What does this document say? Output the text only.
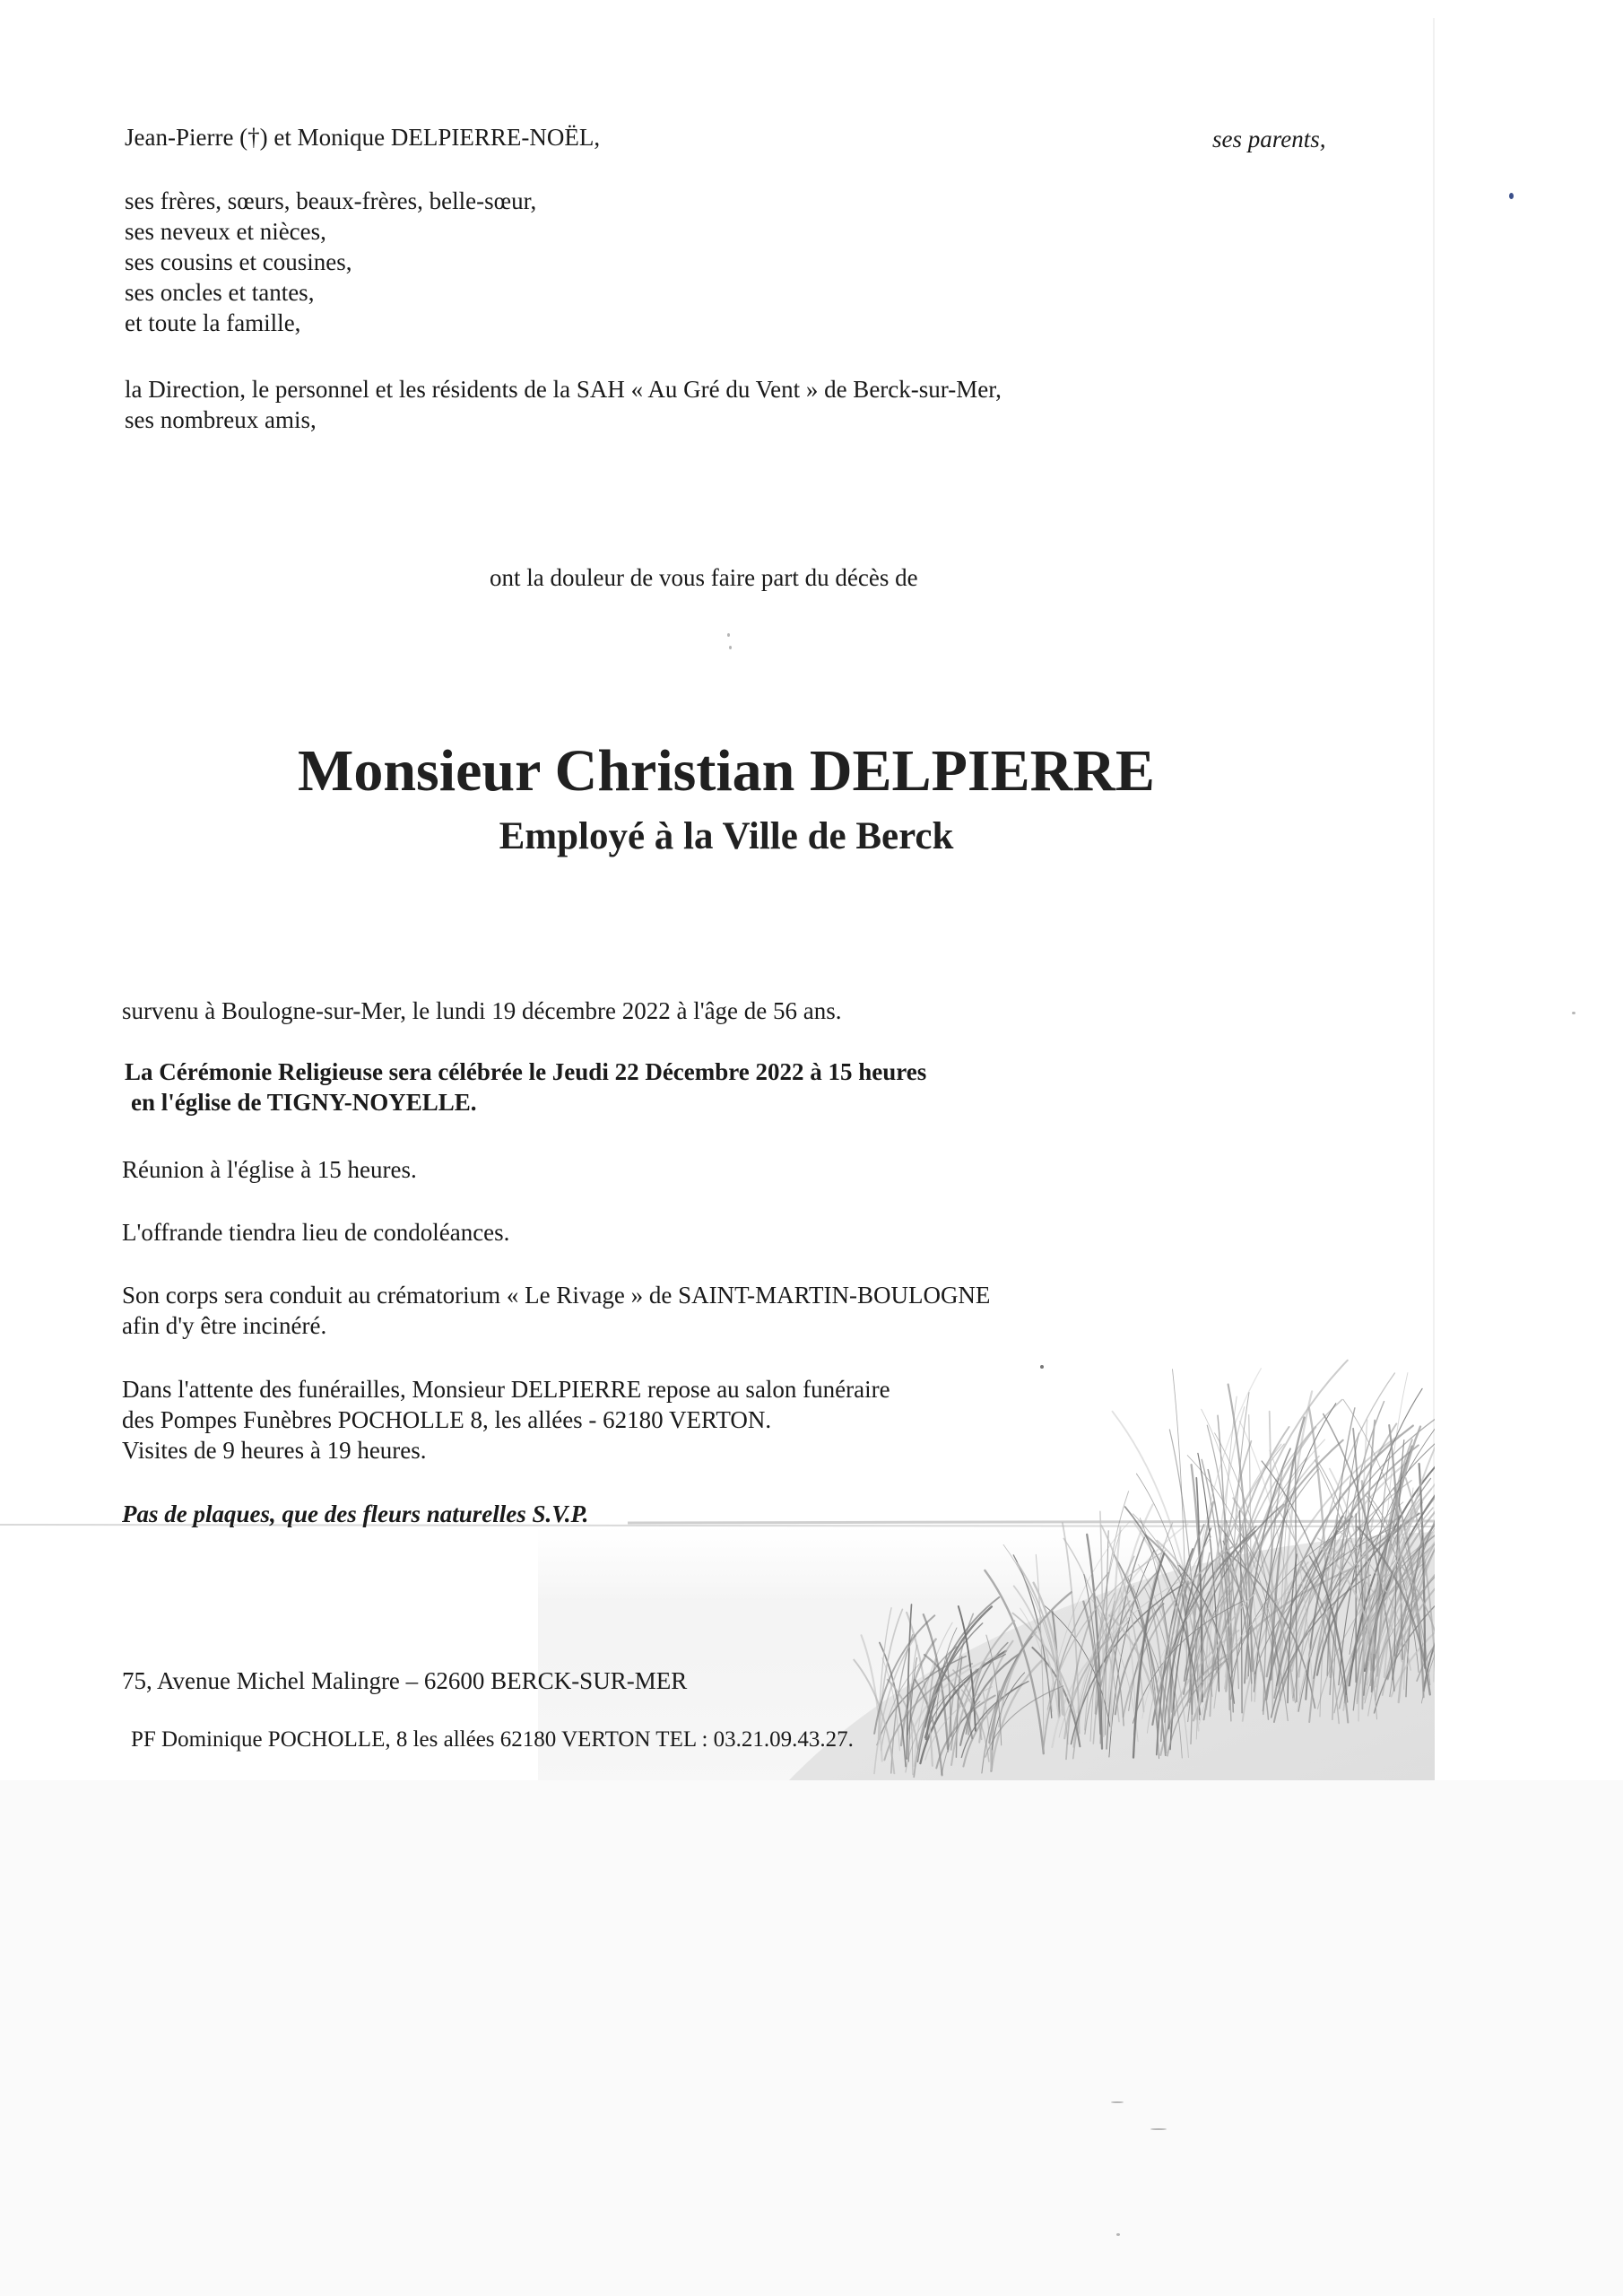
Jean-Pierre (†) et Monique DELPIERRE-NOËL,	ses parents,
ses frères, sœurs, beaux-frères, belle-sœur,
ses neveux et nièces,
ses cousins et cousines,
ses oncles et tantes,
et toute la famille,
la Direction, le personnel et les résidents de la SAH « Au Gré du Vent » de Berck-sur-Mer,
ses nombreux amis,
ont la douleur de vous faire part du décès de
Monsieur Christian DELPIERRE
Employé à la Ville de Berck
survenu à Boulogne-sur-Mer, le lundi 19 décembre 2022 à l'âge de 56 ans.
La Cérémonie Religieuse sera célébrée le Jeudi 22 Décembre 2022 à 15 heures
en l'église de TIGNY-NOYELLE.
Réunion à l'église à 15 heures.
L'offrande tiendra lieu de condoléances.
Son corps sera conduit au crématorium « Le Rivage » de SAINT-MARTIN-BOULOGNE
afin d'y être incinéré.
Dans l'attente des funérailles, Monsieur DELPIERRE repose au salon funéraire
des Pompes Funèbres POCHOLLE 8, les allées - 62180 VERTON.
Visites de 9 heures à 19 heures.
Pas de plaques, que des fleurs naturelles S.V.P.
75, Avenue Michel Malingre – 62600 BERCK-SUR-MER
PF Dominique POCHOLLE, 8 les allées 62180 VERTON TEL : 03.21.09.43.27.
